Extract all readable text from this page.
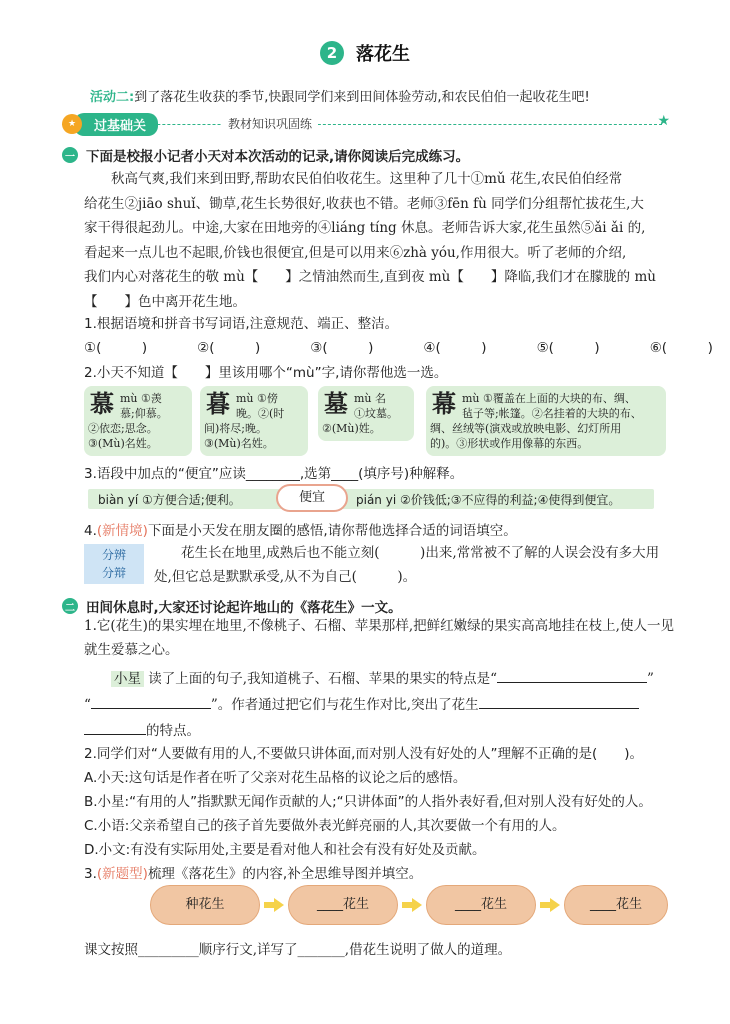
2	落花生
活动二:到了落花生收获的季节,快跟同学们来到田间体验劳动,和农民伯伯一起收花生吧!
过基础关
★	教材知识巩固练	★
一 下面是校报小记者小天对本次活动的记录,请你阅读后完成练习。
秋高气爽,我们来到田野,帮助农民伯伯收花生。这里种了几十①mǔ 花生,农民伯伯经常
给花生②jiāo shuǐ、锄草,花生长势很好,收获也不错。老师③fēn fù 同学们分组帮忙拔花生,大
家干得很起劲儿。中途,大家在田地旁的④liáng tíng 休息。老师告诉大家,花生虽然⑤ǎi ǎi 的,
看起来一点儿也不起眼,价钱也很便宜,但是可以用来⑥zhà yóu,作用很大。听了老师的介绍,
我们内心对落花生的敬 mù【　　】之情油然而生,直到夜 mù【　　】降临,我们才在朦胧的 mù
【　　】色中离开花生地。
1.根据语境和拼音书写词语,注意规范、端正、整洁。
①(　　　)	②(　　　)	③(　　　)	④(　　　)	⑤(　　　)	⑥(　　　)
2.小天不知道【　　】里该用哪个“mù”字,请你帮他选一选。
慕 mù ①羡
慕;仰慕。
②依恋;思念。
③(Mù)名姓。
暮 mù ①傍
晚。②(时
间)将尽;晚。
③(Mù)名姓。
墓 mù 名
①坟墓。
②(Mù)姓。
幕 mù ①覆盖在上面的大块的布、绸、
毡子等;帐篷。②名挂着的大块的布、
绸、丝绒等(演戏或放映电影、幻灯所用
的)。③形状或作用像幕的东西。
3.语段中加点的“便宜”应读________,选第____(填序号)种解释。
biàn yí ①方便合适;便利。	便宜	pián yi ②价钱低;③不应得的利益;④使得到便宜。
4.(新情境)下面是小天发在朋友圈的感悟,请你帮他选择合适的词语填空。
分辨
分辩
花生长在地里,成熟后也不能立刻(　　　)出来,常常被不了解的人误会没有多大用处,但它总是默默承受,从不为自己(　　　)。
二 田间休息时,大家还讨论起许地山的《落花生》一文。
1.它(花生)的果实埋在地里,不像桃子、石榴、苹果那样,把鲜红嫩绿的果实高高地挂在枝上,使人一见就生爱慕之心。
小星 读了上面的句子,我知道桃子、石榴、苹果的果实的特点是“	”
“	”。作者通过把它们与花生作对比,突出了花生
的特点。
2.同学们对“人要做有用的人,不要做只讲体面,而对别人没有好处的人”理解不正确的是(　　)。
A.小天:这句话是作者在听了父亲对花生品格的议论之后的感悟。
B.小星:“有用的人”指默默无闻作贡献的人;“只讲体面”的人指外表好看,但对别人没有好处的人。
C.小语:父亲希望自己的孩子首先要做外表光鲜亮丽的人,其次要做一个有用的人。
D.小文:有没有实际用处,主要是看对他人和社会有没有好处及贡献。
3.(新题型)梳理《落花生》的内容,补全思维导图并填空。
种花生	____花生	____花生	____花生
课文按照_________顺序行文,详写了_______,借花生说明了做人的道理。
